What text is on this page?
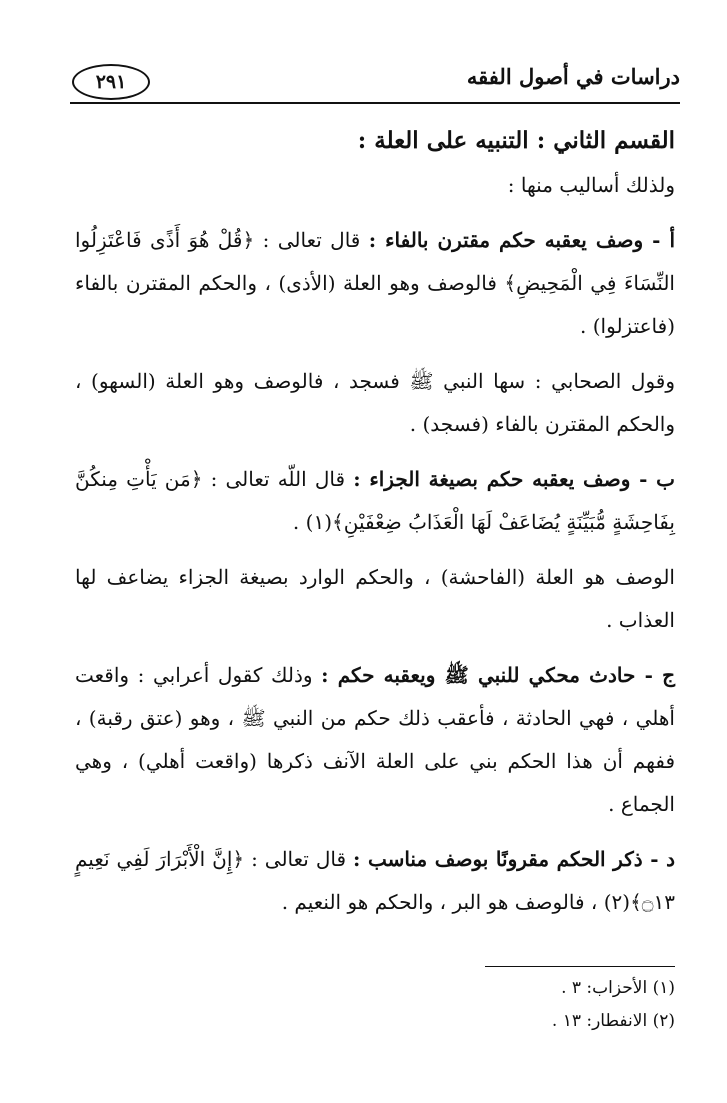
دراسات في أصول الفقه
٢٩١

القسم الثاني : التنبيه على العلة :

ولذلك أساليب منها :

أ - وصف يعقبه حكم مقترن بالفاء : قال تعالى : ﴿قُلْ هُوَ أَذًى فَاعْتَزِلُوا النِّسَاءَ فِي الْمَحِيضِ﴾ فالوصف وهو العلة (الأذى) ، والحكم المقترن بالفاء (فاعتزلوا) .

وقول الصحابي : سها النبي ﷺ فسجد ، فالوصف وهو العلة (السهو) ، والحكم المقترن بالفاء (فسجد) .

ب - وصف يعقبه حكم بصيغة الجزاء : قال اللّه تعالى : ﴿مَن يَأْتِ مِنكُنَّ بِفَاحِشَةٍ مُّبَيِّنَةٍ يُضَاعَفْ لَهَا الْعَذَابُ ضِعْفَيْنِ﴾(١) .

الوصف هو العلة (الفاحشة) ، والحكم الوارد بصيغة الجزاء يضاعف لها العذاب .

ج - حادث محكي للنبي ﷺ ويعقبه حكم : وذلك كقول أعرابي : واقعت أهلي ، فهي الحادثة ، فأعقب ذلك حكم من النبي ﷺ ، وهو (عتق رقبة) ، ففهم أن هذا الحكم بني على العلة الآنف ذكرها (واقعت أهلي) ، وهي الجماع .

د - ذكر الحكم مقرونًا بوصف مناسب : قال تعالى : ﴿إِنَّ الْأَبْرَارَ لَفِي نَعِيمٍ ۝١٣﴾(٢) ، فالوصف هو البر ، والحكم هو النعيم .

(١) الأحزاب: ٣ .

(٢) الانفطار: ١٣ .
